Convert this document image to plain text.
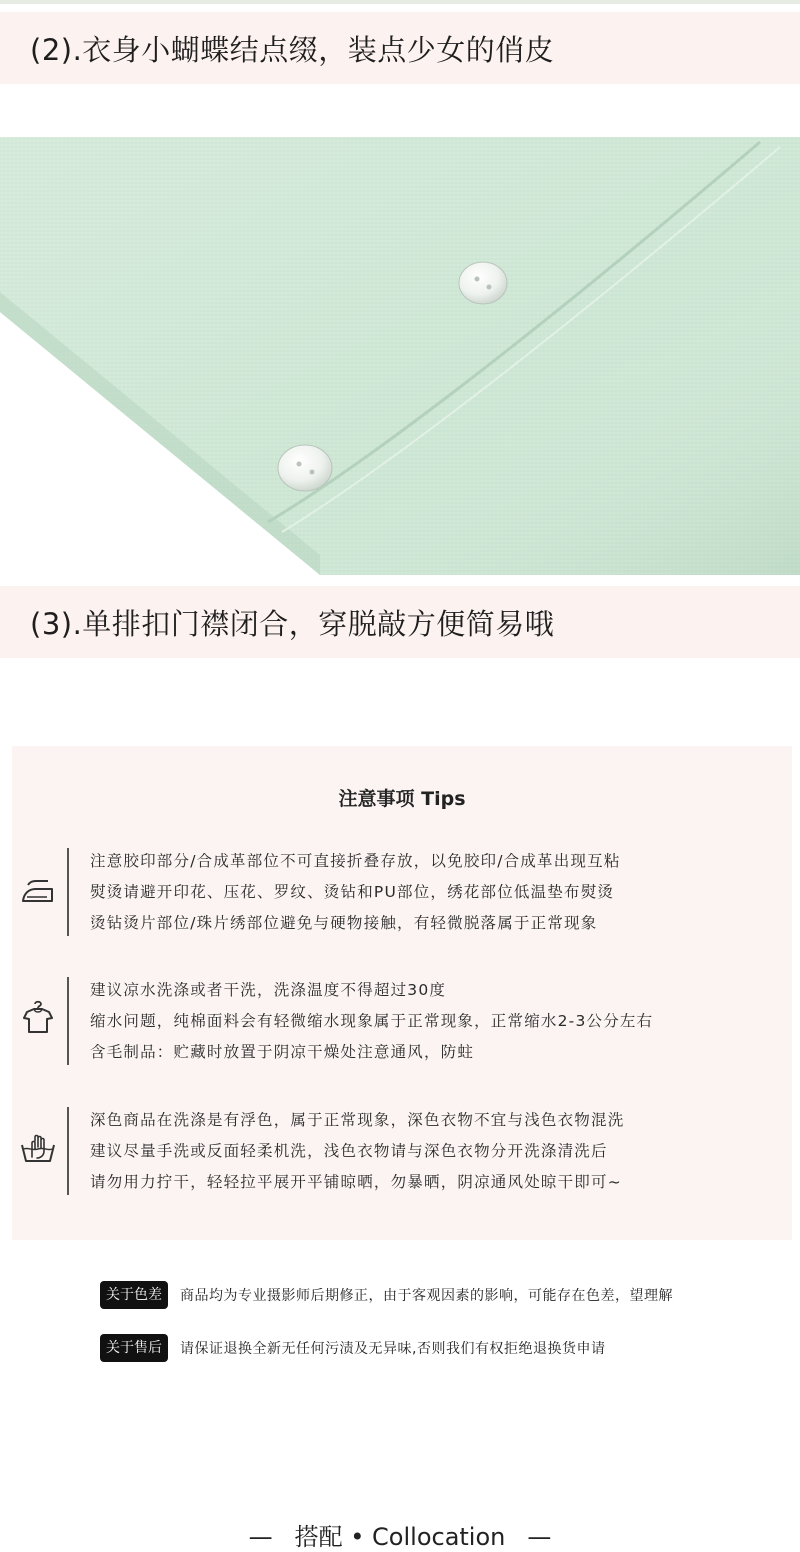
(2).衣身小蝴蝶结点缀，装点少女的俏皮
(3).单排扣门襟闭合，穿脱敲方便简易哦
注意事项 Tips
注意胶印部分/合成革部位不可直接折叠存放，以免胶印/合成革出现互粘
熨烫请避开印花、压花、罗纹、烫钻和PU部位，绣花部位低温垫布熨烫
烫钻烫片部位/珠片绣部位避免与硬物接触，有轻微脱落属于正常现象
建议凉水洗涤或者干洗，洗涤温度不得超过30度
缩水问题，纯棉面料会有轻微缩水现象属于正常现象，正常缩水2-3公分左右
含毛制品：贮藏时放置于阴凉干燥处注意通风，防蛀
深色商品在洗涤是有浮色，属于正常现象，深色衣物不宜与浅色衣物混洗
建议尽量手洗或反面轻柔机洗，浅色衣物请与深色衣物分开洗涤清洗后
请勿用力拧干，轻轻拉平展开平铺晾晒，勿暴晒，阴凉通风处晾干即可~
关于色差	商品均为专业摄影师后期修正，由于客观因素的影响，可能存在色差，望理解
关于售后	请保证退换全新无任何污渍及无异味,否则我们有权拒绝退换货申请
— 搭配 • Collocation —
